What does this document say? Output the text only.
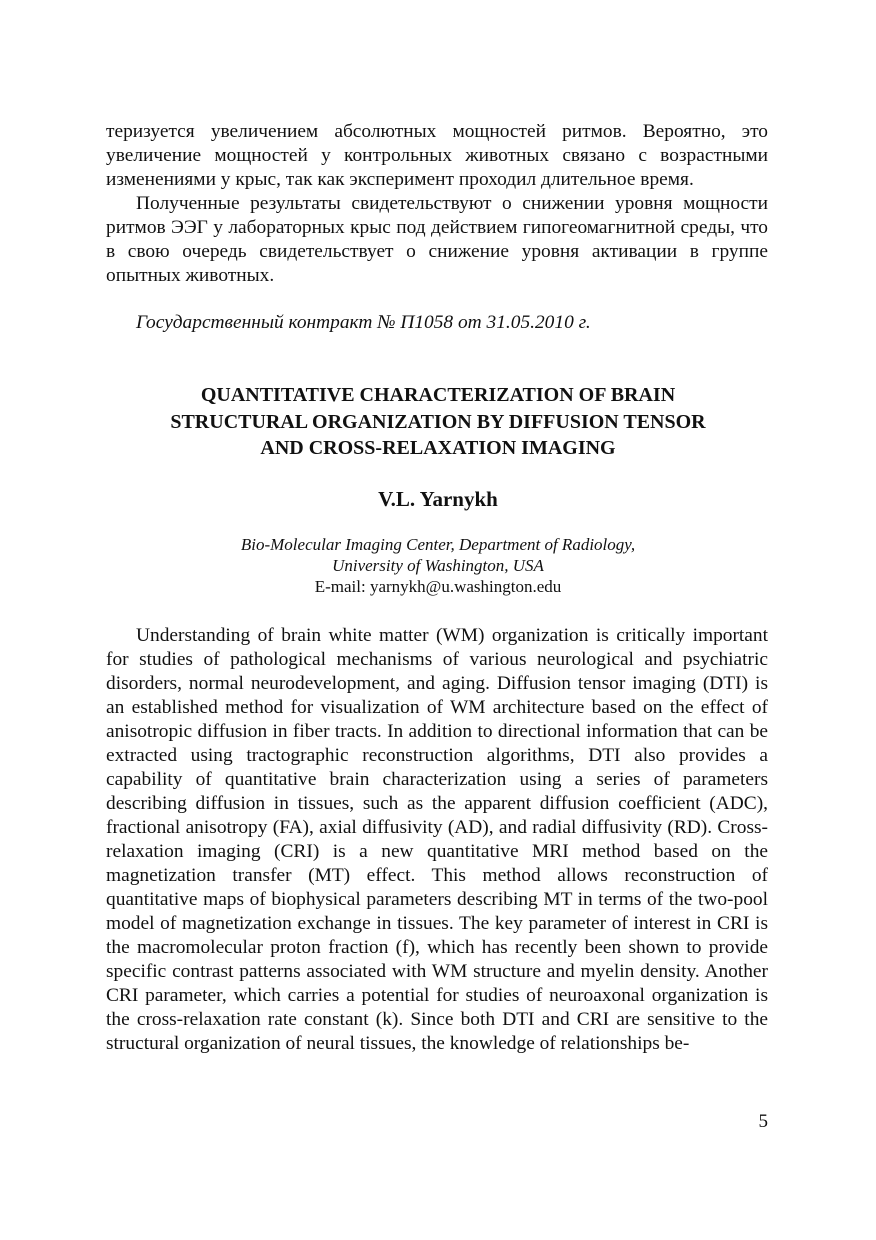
теризуется увеличением абсолютных мощностей ритмов. Вероятно, это увеличение мощностей у контрольных животных связано с возрастными изменениями у крыс, так как эксперимент проходил длительное время.

Полученные результаты свидетельствуют о снижении уровня мощности ритмов ЭЭГ у лабораторных крыс под действием гипогеомагнитной среды, что в свою очередь свидетельствует о снижение уровня активации в группе опытных животных.

Государственный контракт № П1058 от 31.05.2010 г.
QUANTITATIVE CHARACTERIZATION OF BRAIN
STRUCTURAL ORGANIZATION BY DIFFUSION TENSOR
AND CROSS-RELAXATION IMAGING
V.L. Yarnykh
Bio-Molecular Imaging Center, Department of Radiology,
University of Washington, USA
E-mail: yarnykh@u.washington.edu

Understanding of brain white matter (WM) organization is critically important for studies of pathological mechanisms of various neurological and psychiatric disorders, normal neurodevelopment, and aging. Diffusion tensor imaging (DTI) is an established method for visualization of WM architecture based on the effect of anisotropic diffusion in fiber tracts. In addition to directional information that can be extracted using tractographic reconstruction algorithms, DTI also provides a capability of quantitative brain characterization using a series of parameters describing diffusion in tissues, such as the apparent diffusion coefficient (ADC), fractional anisotropy (FA), axial diffusivity (AD), and radial diffusivity (RD). Cross-relaxation imaging (CRI) is a new quantitative MRI method based on the magnetization transfer (MT) effect. This method allows reconstruction of quantitative maps of biophysical parameters describing MT in terms of the two-pool model of magnetization exchange in tissues. The key parameter of interest in CRI is the macromolecular proton fraction (f), which has recently been shown to provide specific contrast patterns associated with WM structure and myelin density. Another CRI parameter, which carries a potential for studies of neuroaxonal organization is the cross-relaxation rate constant (k). Since both DTI and CRI are sensitive to the structural organization of neural tissues, the knowledge of relationships be-

5
